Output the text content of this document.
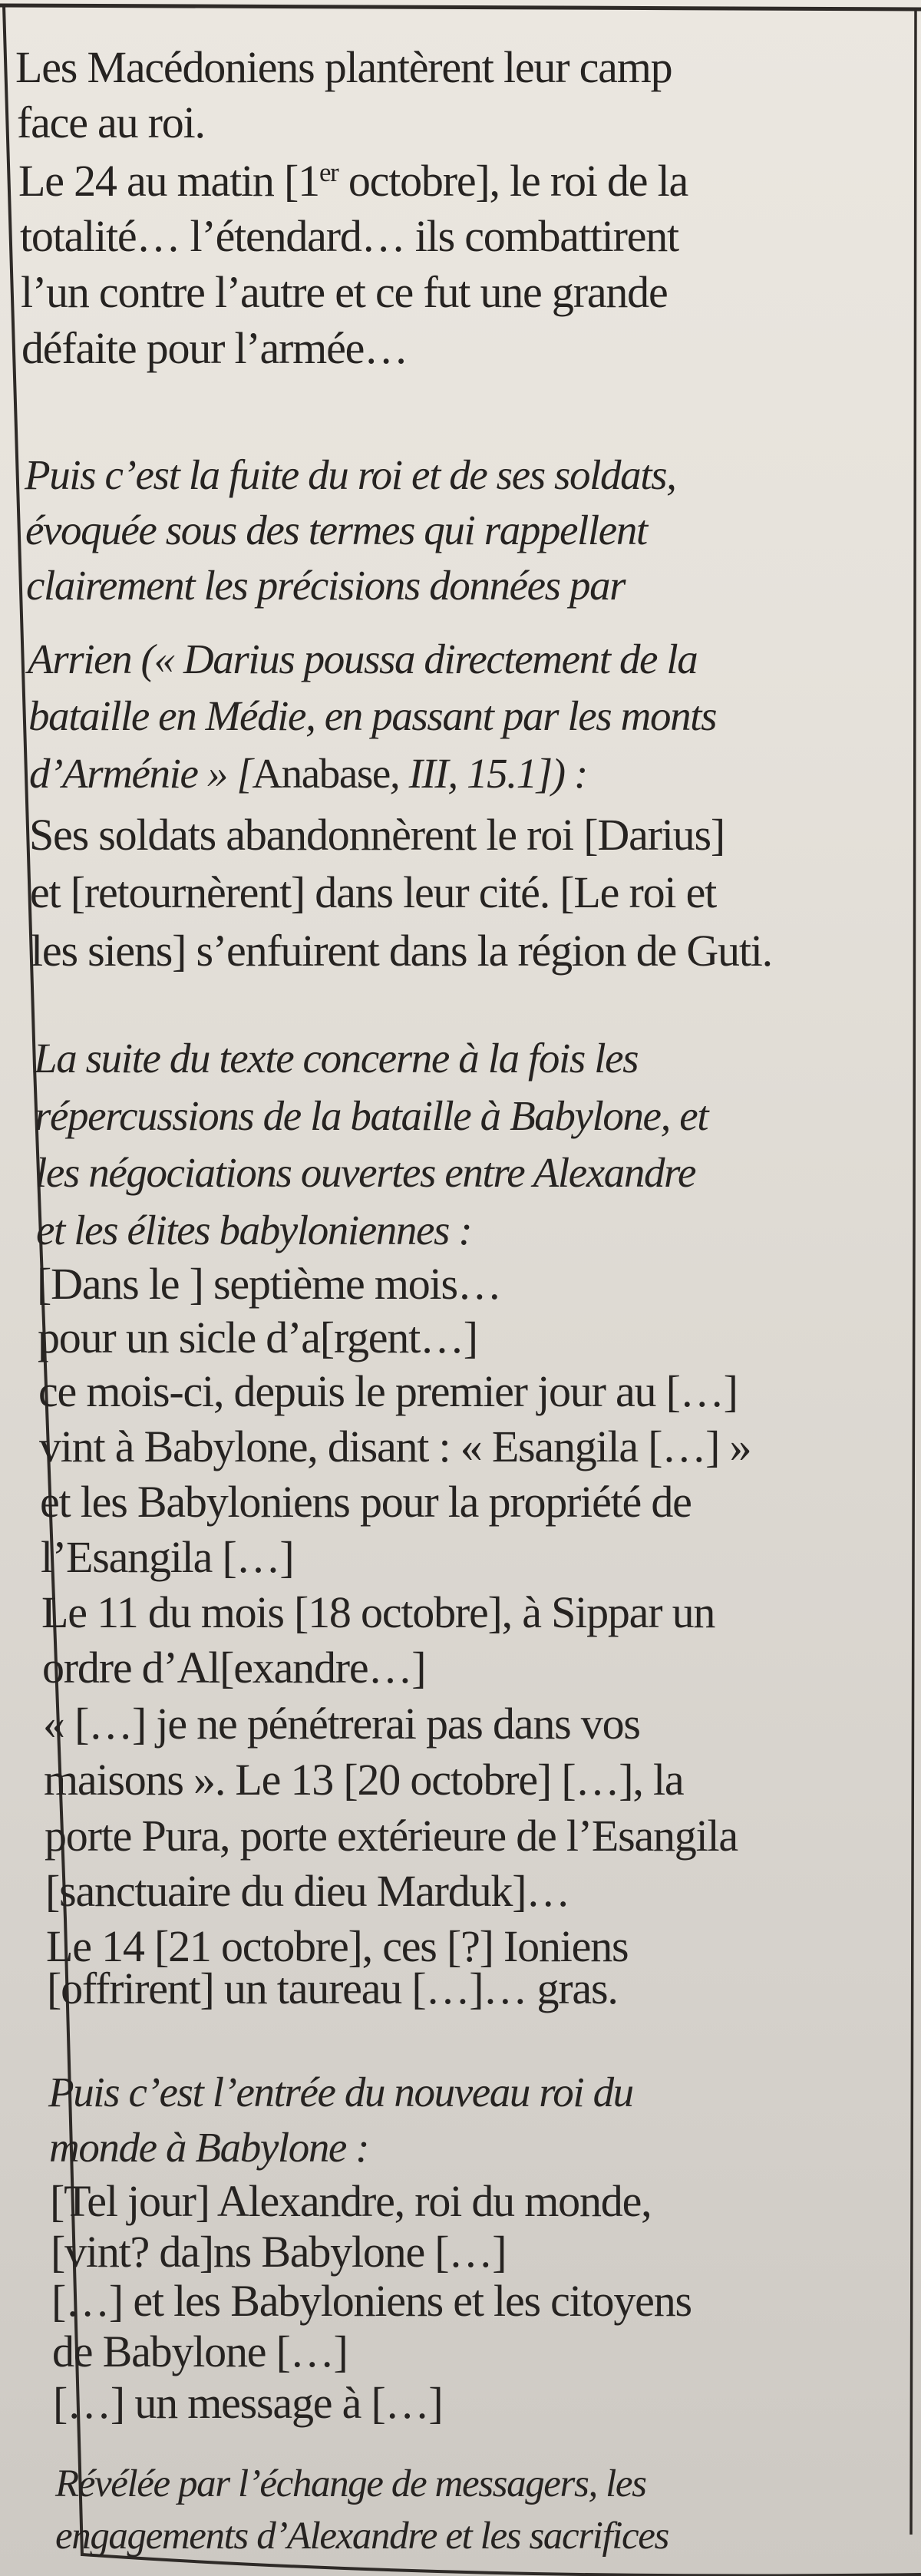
Les Macédoniens plantèrent leur camp
face au roi.
Le 24 au matin [1er octobre], le roi de la
totalité… l’étendard… ils combattirent
l’un contre l’autre et ce fut une grande
défaite pour l’armée…
Puis c’est la fuite du roi et de ses soldats,
évoquée sous des termes qui rappellent
clairement les précisions données par
Arrien (« Darius poussa directement de la
bataille en Médie, en passant par les monts
d’Arménie » [Anabase, III, 15.1]) :
Ses soldats abandonnèrent le roi [Darius]
et [retournèrent] dans leur cité. [Le roi et
les siens] s’enfuirent dans la région de Guti.
La suite du texte concerne à la fois les
répercussions de la bataille à Babylone, et
les négociations ouvertes entre Alexandre
et les élites babyloniennes :
[Dans le ] septième mois…
pour un sicle d’a[rgent…]
ce mois-ci, depuis le premier jour au […]
vint à Babylone, disant : « Esangila […] »
et les Babyloniens pour la propriété de
l’Esangila […]
Le 11 du mois [18 octobre], à Sippar un
ordre d’Al[exandre…]
« […] je ne pénétrerai pas dans vos
maisons ». Le 13 [20 octobre] […], la
porte Pura, porte extérieure de l’Esangila
[sanctuaire du dieu Marduk]…
Le 14 [21 octobre], ces [?] Ioniens
[offrirent] un taureau […]… gras.
Puis c’est l’entrée du nouveau roi du
monde à Babylone :
[Tel jour] Alexandre, roi du monde,
[vint? da]ns Babylone […]
[…] et les Babyloniens et les citoyens
de Babylone […]
[…] un message à […]
Révélée par l’échange de messagers, les
engagements d’Alexandre et les sacrifices
